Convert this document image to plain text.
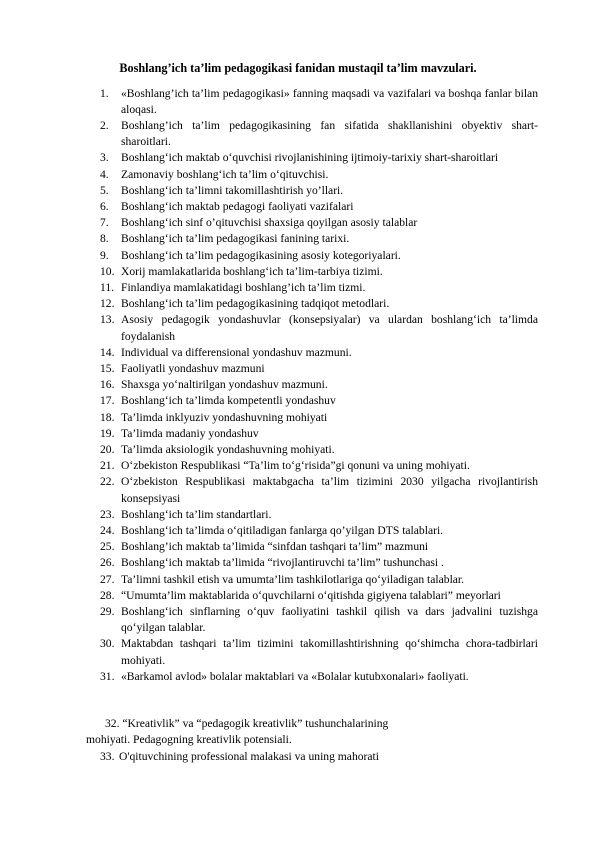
Boshlang’ich ta’lim pedagogikasi fanidan mustaqil ta’lim mavzulari.
1. «Boshlang’ich ta’lim pedagogikasi» fanning maqsadi va vazifalari va boshqa fanlar bilan aloqasi.
2. Boshlang’ich ta’lim pedagogikasining fan sifatida shakllanishini obyektiv shart-sharoitlari.
3. Boshlang‘ich maktab o‘quvchisi rivojlanishining ijtimoiy-tarixiy shart-sharoitlari
4. Zamonaviy boshlang‘ich ta’lim o‘qituvchisi.
5. Boshlang‘ich ta’limni takomillashtirish yo’llari.
6. Boshlang‘ich maktab pedagogi faoliyati vazifalari
7. Boshlang‘ich sinf o’qituvchisi shaxsiga qoyilgan asosiy talablar
8. Boshlang‘ich ta’lim pedagogikasi fanining tarixi.
9. Boshlang‘ich ta’lim pedagogikasining asosiy kotegoriyalari.
10. Xorij mamlakatlarida boshlang‘ich ta’lim-tarbiya tizimi.
11. Finlandiya mamlakatidagi boshlang’ich ta’lim tizmi.
12. Boshlang‘ich ta’lim pedagogikasining tadqiqot metodlari.
13. Asosiy pedagogik yondashuvlar (konsepsiyalar) va ulardan boshlang‘ich ta’limda foydalanish
14. Individual va differensional yondashuv mazmuni.
15. Faoliyatli yondashuv mazmuni
16. Shaxsga yo‘naltirilgan yondashuv mazmuni.
17. Boshlang‘ich ta’limda kompetentli yondashuv
18. Ta’limda inklyuziv yondashuvning mohiyati
19. Ta’limda madaniy yondashuv
20. Ta’limda aksiologik yondashuvning mohiyati.
21. O‘zbekiston Respublikasi “Ta’lim to‘g‘risida”gi qonuni va uning mohiyati.
22. O‘zbekiston Respublikasi maktabgacha ta’lim tizimini 2030 yilgacha rivojlantirish konsepsiyasi
23. Boshlang‘ich ta’lim standartlari.
24. Boshlang‘ich ta’limda o‘qitiladigan fanlarga qo’yilgan DTS talablari.
25. Boshlang’ich maktab ta’limida “sinfdan tashqari ta’lim” mazmuni
26. Boshlang‘ich maktab ta’limida “rivojlantiruvchi ta’lim” tushunchasi .
27. Ta’limni tashkil etish va umumta’lim tashkilotlariga qo‘yiladigan talablar.
28. “Umumta’lim maktablarida o‘quvchilarni o‘qitishda gigiyena talablari” meyorlari
29. Boshlang‘ich sinflarning o‘quv faoliyatini tashkil qilish va dars jadvalini tuzishga qo‘yilgan talablar.
30. Maktabdan tashqari ta’lim tizimini takomillashtirishning qo‘shimcha chora-tadbirlari mohiyati.
31. «Barkamol avlod» bolalar maktablari va «Bolalar kutubxonalari» faoliyati.
32. “Kreativlik” va “pedagogik kreativlik” tushunchalarining
mohiyati. Pedagogning kreativlik potensiali.
33. O'qituvchining professional malakasi va uning mahorati
